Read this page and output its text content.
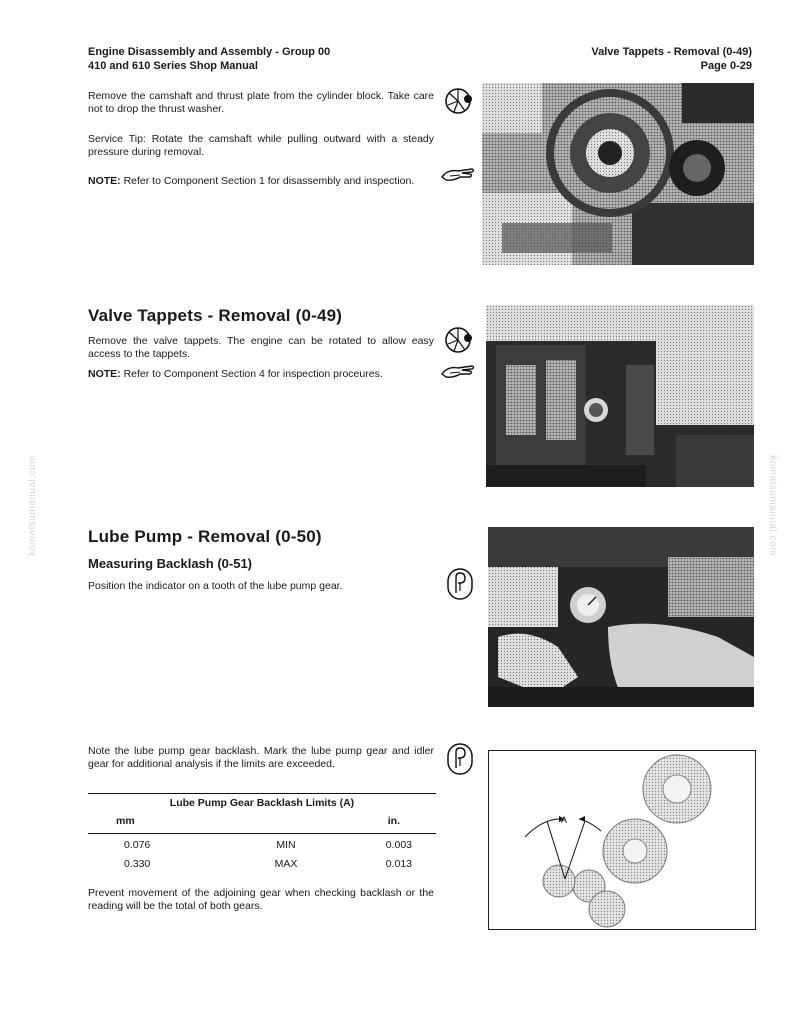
Engine Disassembly and Assembly - Group 00
410 and 610 Series Shop Manual
Valve Tappets - Removal (0-49)
Page 0-29
komatsumanual.com	komatsumanual.com
Remove the camshaft and thrust plate from the cylinder block. Take care not to drop the thrust washer.
Service Tip: Rotate the camshaft while pulling outward with a steady pressure during removal.
NOTE: Refer to Component Section 1 for disassembly and inspection.
Valve Tappets - Removal (0-49)
Remove the valve tappets. The engine can be rotated to allow easy access to the tappets.
NOTE: Refer to Component Section 4 for inspection proceures.
Lube Pump - Removal (0-50)
Measuring Backlash (0-51)
Position the indicator on a tooth of the lube pump gear.
Note the lube pump gear backlash. Mark the lube pump gear and idler gear for additional analysis if the limits are exceeded.
Lube Pump Gear Backlash Limits (A)
mm		in.
0.076	MIN	0.003
0.330	MAX	0.013
Prevent movement of the adjoining gear when checking backlash or the reading will be the total of both gears.
A
